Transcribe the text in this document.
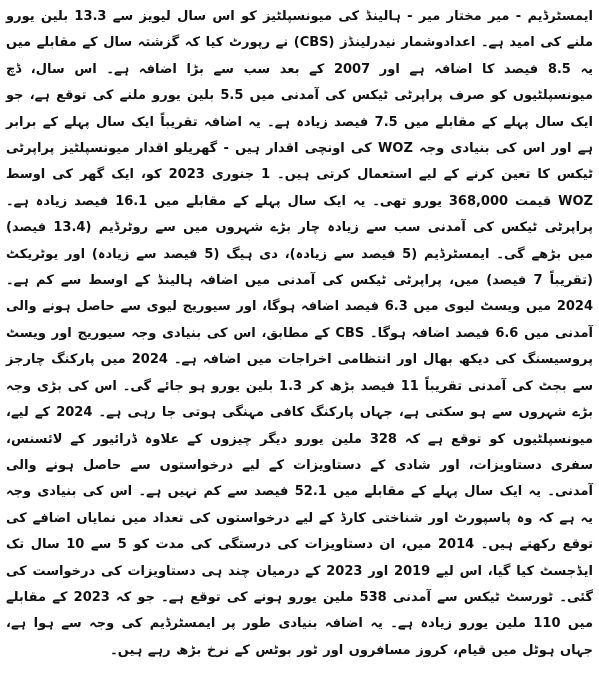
ایمسٹرڈیم - میر مختار میر - ہالینڈ کی میونسپلٹیز کو اس سال لیویز سے 13.3 بلین یورو ملنے کی امید ہے۔ اعدادوشمار نیدرلینڈز (CBS) نے رپورٹ کیا کہ گزشتہ سال کے مقابلے میں یہ 8.5 فیصد کا اضافہ ہے اور 2007 کے بعد سب سے بڑا اضافہ ہے۔ اس سال، ڈچ میونسپلٹیوں کو صرف پراپرٹی ٹیکس کی آمدنی میں 5.5 بلین یورو ملنے کی توقع ہے، جو ایک سال پہلے کے مقابلے میں 7.5 فیصد زیادہ ہے۔ یہ اضافہ تقریباً ایک سال پہلے کے برابر ہے اور اس کی بنیادی وجہ WOZ کی اونچی اقدار ہیں - گھریلو اقدار میونسپلٹیز پراپرٹی ٹیکس کا تعین کرنے کے لیے استعمال کرتی ہیں۔ 1 جنوری 2023 کو، ایک گھر کی اوسط WOZ قیمت 368,000 یورو تھی۔ یہ ایک سال پہلے کے مقابلے میں 16.1 فیصد زیادہ ہے۔ پراپرٹی ٹیکس کی آمدنی سب سے زیادہ چار بڑے شہروں میں سے روٹرڈیم (13.4 فیصد) میں بڑھے گی۔ ایمسٹرڈیم (5 فیصد سے زیادہ)، دی ہیگ (5 فیصد سے زیادہ) اور یوٹریکٹ (تقریباً 7 فیصد) میں، پراپرٹی ٹیکس کی آمدنی میں اضافہ ہالینڈ کے اوسط سے کم ہے۔ 2024 میں ویسٹ لیوی میں 6.3 فیصد اضافہ ہوگا، اور سیوریج لیوی سے حاصل ہونے والی آمدنی میں 6.6 فیصد اضافہ ہوگا۔ CBS کے مطابق، اس کی بنیادی وجہ سیوریج اور ویسٹ پروسیسنگ کی دیکھ بھال اور انتظامی اخراجات میں اضافہ ہے۔ 2024 میں پارکنگ چارجز سے بجٹ کی آمدنی تقریباً 11 فیصد بڑھ کر 1.3 بلین یورو ہو جائے گی۔ اس کی بڑی وجہ بڑے شہروں سے ہو سکتی ہے، جہاں پارکنگ کافی مہنگی ہوتی جا رہی ہے۔ 2024 کے لیے، میونسپلٹیوں کو توقع ہے کہ 328 ملین یورو دیگر چیزوں کے علاوہ ڈرائیور کے لائسنس، سفری دستاویزات، اور شادی کے دستاویزات کے لیے درخواستوں سے حاصل ہونے والی آمدنی۔ یہ ایک سال پہلے کے مقابلے میں 52.1 فیصد سے کم نہیں ہے۔ اس کی بنیادی وجہ یہ ہے کہ وہ پاسپورٹ اور شناختی کارڈ کے لیے درخواستوں کی تعداد میں نمایاں اضافے کی توقع رکھتے ہیں۔ 2014 میں، ان دستاویزات کی درستگی کی مدت کو 5 سے 10 سال تک ایڈجسٹ کیا گیا، اس لیے 2019 اور 2023 کے درمیان چند ہی دستاویزات کی درخواست کی گئی۔ ٹورسٹ ٹیکس سے آمدنی 538 ملین یورو ہونے کی توقع ہے۔ جو کہ 2023 کے مقابلے میں 110 ملین یورو زیادہ ہے۔ یہ اضافہ بنیادی طور پر ایمسٹرڈیم کی وجہ سے ہوا ہے، جہاں ہوٹل میں قیام، کروز مسافروں اور ٹور بوٹس کے نرخ بڑھ رہے ہیں۔
